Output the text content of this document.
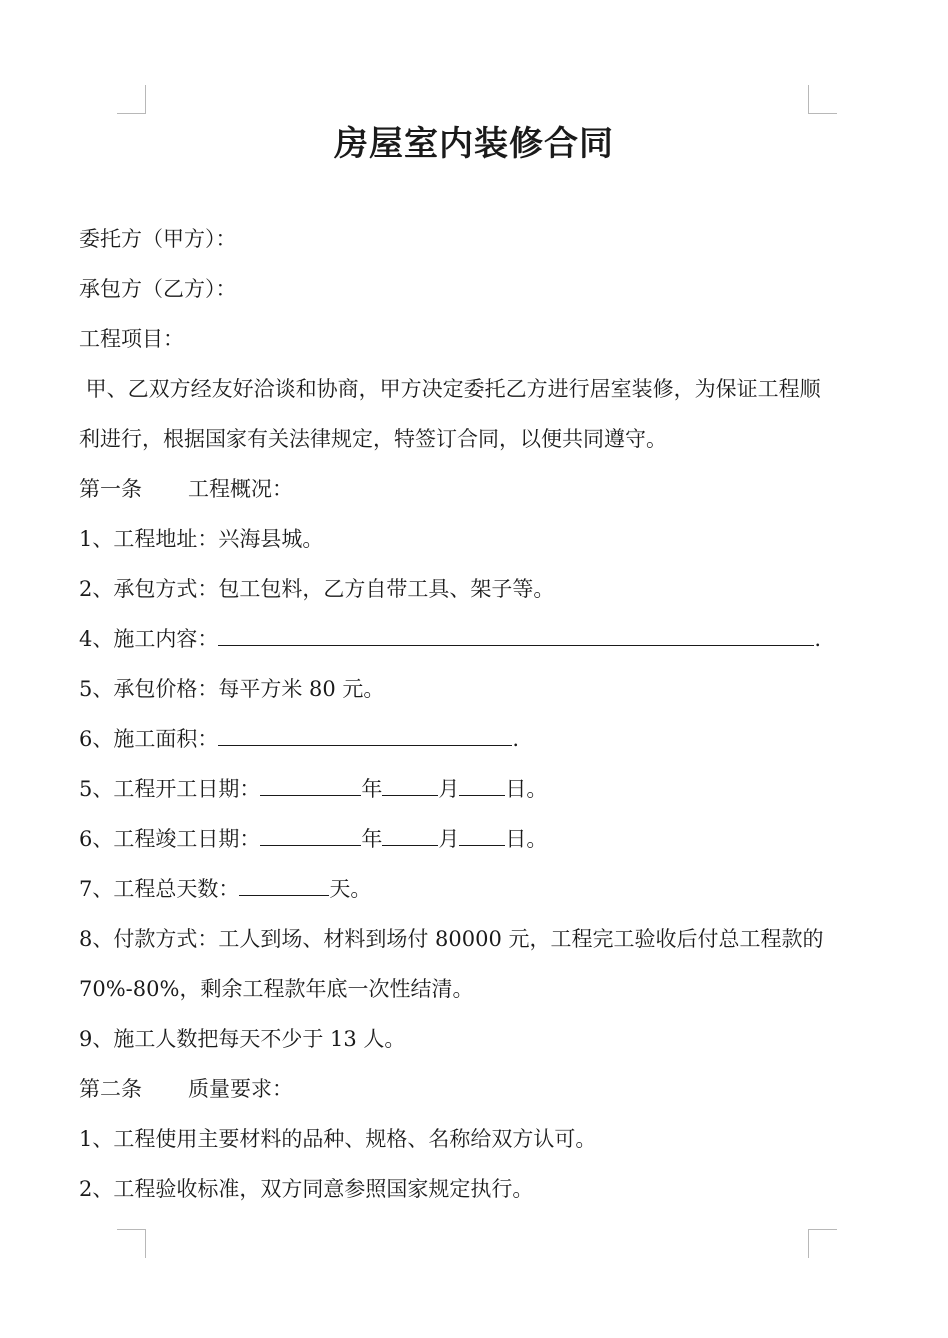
房屋室内装修合同
委托方（甲方）：
承包方（乙方）：
工程项目：
甲、乙双方经友好洽谈和协商，甲方决定委托乙方进行居室装修，为保证工程顺
利进行，根据国家有关法律规定，特签订合同，以便共同遵守。
第一条 工程概况：
1、工程地址：兴海县城。
2、承包方式：包工包料，乙方自带工具、架子等。
4、施工内容：	.
5、承包价格：每平方米 80 元。
6、施工面积：	.
5、工程开工日期：	年	月 日。
6、工程竣工日期：	年	月 日。
7、工程总天数：	天。
8、付款方式：工人到场、材料到场付 80000 元，工程完工验收后付总工程款的
70%-80%，剩余工程款年底一次性结清。
9、施工人数把每天不少于 13 人。
第二条 质量要求：
1、工程使用主要材料的品种、规格、名称给双方认可。
2、工程验收标准，双方同意参照国家规定执行。
